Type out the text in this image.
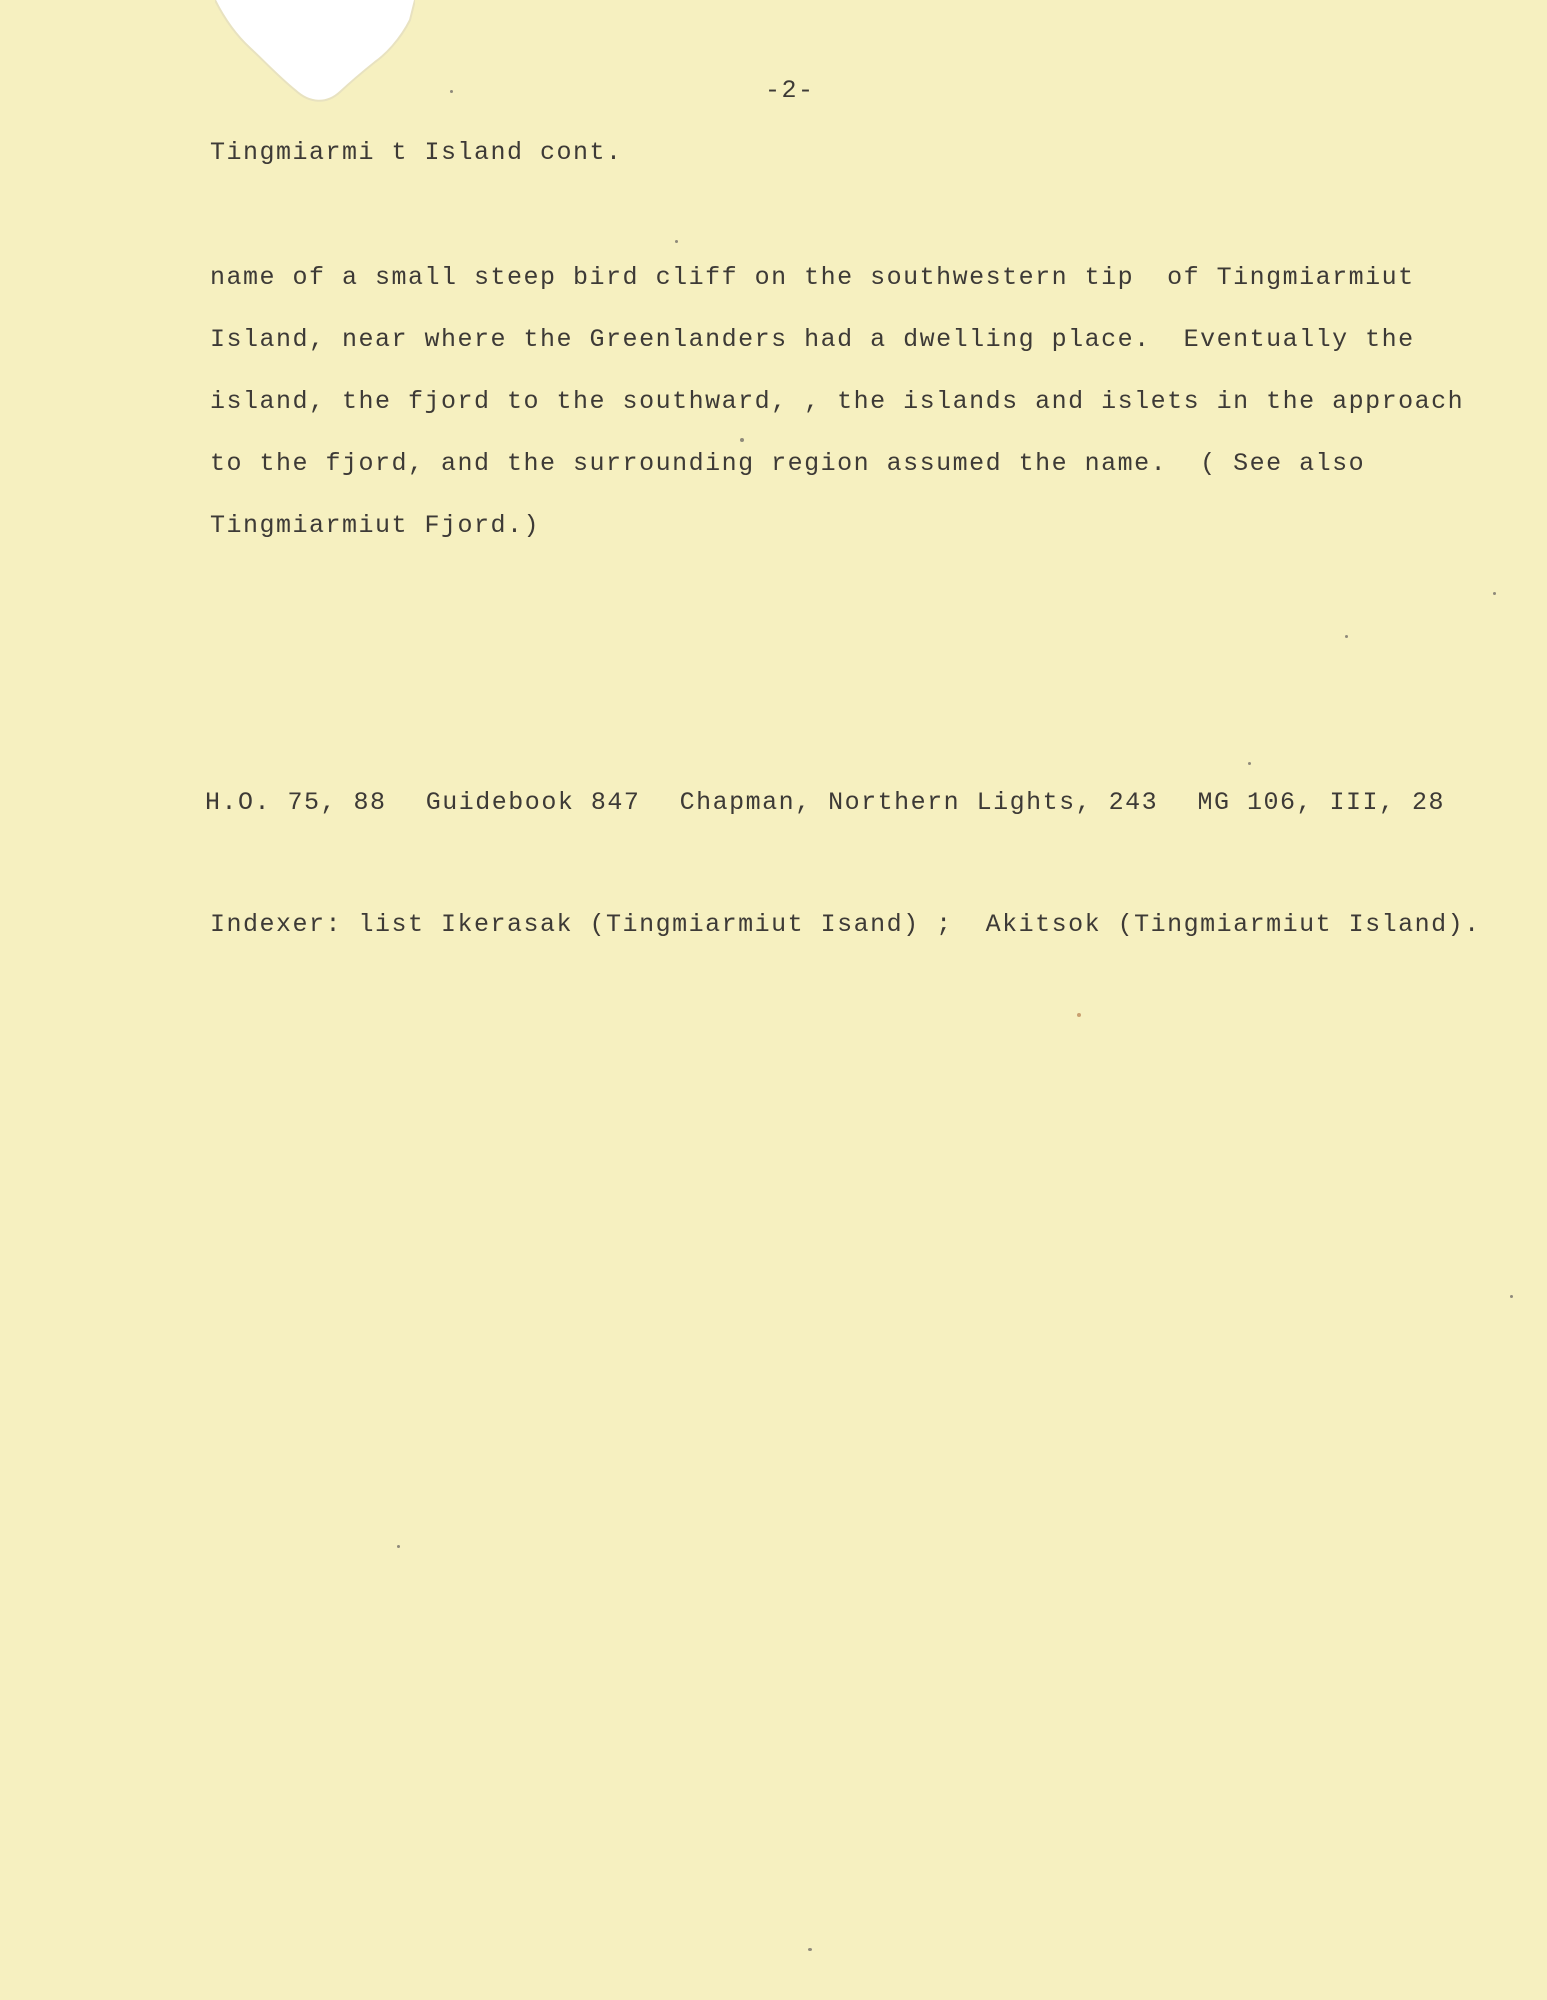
-2-
Tingmiarmi t Island cont.
name of a small steep bird cliff on the southwestern tip  of Tingmiarmiut
Island, near where the Greenlanders had a dwelling place.  Eventually the
island, the fjord to the southward, , the islands and islets in the approach
to the fjord, and the surrounding region assumed the name.  ( See also
Tingmiarmiut Fjord.)
H.O. 75, 88 Guidebook 847 Chapman, Northern Lights, 243 MG 106, III, 28
Indexer: list Ikerasak (Tingmiarmiut Isand) ;  Akitsok (Tingmiarmiut Island).
